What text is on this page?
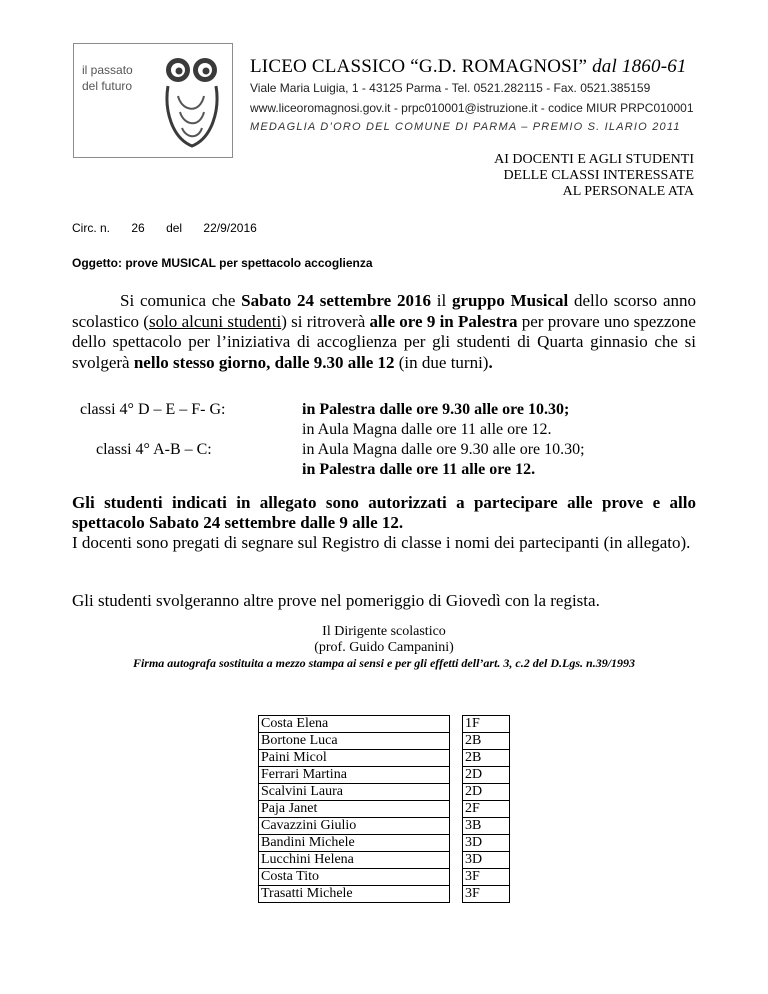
il passato
del futuro
LICEO CLASSICO “G.D. ROMAGNOSI” dal 1860-61
Viale Maria Luigia, 1 - 43125 Parma - Tel. 0521.282115 - Fax. 0521.385159
www.liceoromagnosi.gov.it - prpc010001@istruzione.it - codice MIUR PRPC010001
MEDAGLIA D’ORO DEL COMUNE DI PARMA – PREMIO S. ILARIO 2011
AI DOCENTI E AGLI STUDENTI
DELLE CLASSI INTERESSATE
AL PERSONALE ATA
Circ. n. 26 del 22/9/2016
Oggetto: prove MUSICAL per spettacolo accoglienza
Si comunica che Sabato 24 settembre 2016 il gruppo Musical dello scorso anno scolastico (solo alcuni studenti) si ritroverà alle ore 9 in Palestra per provare uno spezzone dello spettacolo per l’iniziativa di accoglienza per gli studenti di Quarta ginnasio che si svolgerà nello stesso giorno, dalle 9.30 alle 12 (in due turni).
classi 4° D – E – F- G:	in Palestra dalle ore 9.30 alle ore 10.30;
in Aula Magna dalle ore 11 alle ore 12.
classi 4° A-B – C:	in Aula Magna dalle ore 9.30 alle ore 10.30;
in Palestra dalle ore 11 alle ore 12.
Gli studenti indicati in allegato sono autorizzati a partecipare alle prove e allo spettacolo Sabato 24 settembre dalle 9 alle 12.
I docenti sono pregati di segnare sul Registro di classe i nomi dei partecipanti (in allegato).
Gli studenti svolgeranno altre prove nel pomeriggio di Giovedì con la regista.
Il Dirigente scolastico
(prof. Guido Campanini)
Firma autografa sostituita a mezzo stampa ai sensi e per gli effetti dell’art. 3, c.2 del D.Lgs. n.39/1993
Costa Elena		1F
Bortone Luca		2B
Paini Micol		2B
Ferrari Martina		2D
Scalvini Laura		2D
Paja Janet		2F
Cavazzini Giulio		3B
Bandini Michele		3D
Lucchini Helena		3D
Costa Tito		3F
Trasatti Michele		3F
